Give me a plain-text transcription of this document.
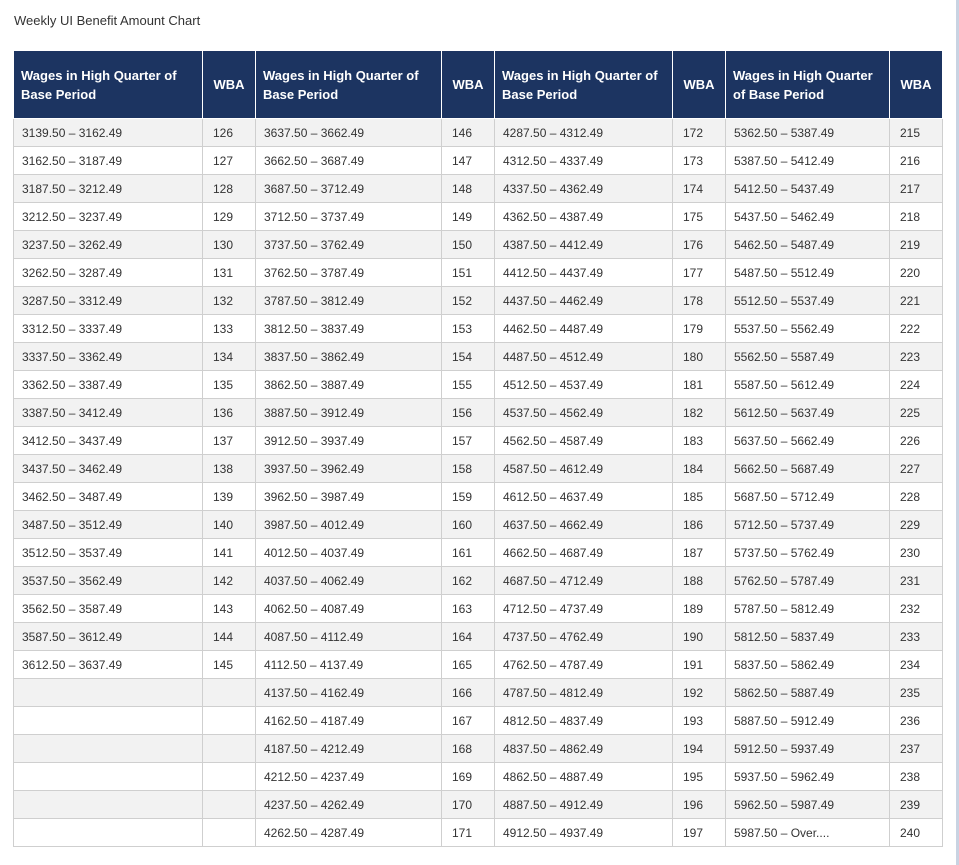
Weekly UI Benefit Amount Chart
Wages in High Quarter of Base Period	WBA	Wages in High Quarter of Base Period	WBA	Wages in High Quarter of Base Period	WBA	Wages in High Quarter of Base Period	WBA
3139.50 – 3162.49	126	3637.50 – 3662.49	146	4287.50 – 4312.49	172	5362.50 – 5387.49	215
3162.50 – 3187.49	127	3662.50 – 3687.49	147	4312.50 – 4337.49	173	5387.50 – 5412.49	216
3187.50 – 3212.49	128	3687.50 – 3712.49	148	4337.50 – 4362.49	174	5412.50 – 5437.49	217
3212.50 – 3237.49	129	3712.50 – 3737.49	149	4362.50 – 4387.49	175	5437.50 – 5462.49	218
3237.50 – 3262.49	130	3737.50 – 3762.49	150	4387.50 – 4412.49	176	5462.50 – 5487.49	219
3262.50 – 3287.49	131	3762.50 – 3787.49	151	4412.50 – 4437.49	177	5487.50 – 5512.49	220
3287.50 – 3312.49	132	3787.50 – 3812.49	152	4437.50 – 4462.49	178	5512.50 – 5537.49	221
3312.50 – 3337.49	133	3812.50 – 3837.49	153	4462.50 – 4487.49	179	5537.50 – 5562.49	222
3337.50 – 3362.49	134	3837.50 – 3862.49	154	4487.50 – 4512.49	180	5562.50 – 5587.49	223
3362.50 – 3387.49	135	3862.50 – 3887.49	155	4512.50 – 4537.49	181	5587.50 – 5612.49	224
3387.50 – 3412.49	136	3887.50 – 3912.49	156	4537.50 – 4562.49	182	5612.50 – 5637.49	225
3412.50 – 3437.49	137	3912.50 – 3937.49	157	4562.50 – 4587.49	183	5637.50 – 5662.49	226
3437.50 – 3462.49	138	3937.50 – 3962.49	158	4587.50 – 4612.49	184	5662.50 – 5687.49	227
3462.50 – 3487.49	139	3962.50 – 3987.49	159	4612.50 – 4637.49	185	5687.50 – 5712.49	228
3487.50 – 3512.49	140	3987.50 – 4012.49	160	4637.50 – 4662.49	186	5712.50 – 5737.49	229
3512.50 – 3537.49	141	4012.50 – 4037.49	161	4662.50 – 4687.49	187	5737.50 – 5762.49	230
3537.50 – 3562.49	142	4037.50 – 4062.49	162	4687.50 – 4712.49	188	5762.50 – 5787.49	231
3562.50 – 3587.49	143	4062.50 – 4087.49	163	4712.50 – 4737.49	189	5787.50 – 5812.49	232
3587.50 – 3612.49	144	4087.50 – 4112.49	164	4737.50 – 4762.49	190	5812.50 – 5837.49	233
3612.50 – 3637.49	145	4112.50 – 4137.49	165	4762.50 – 4787.49	191	5837.50 – 5862.49	234
		4137.50 – 4162.49	166	4787.50 – 4812.49	192	5862.50 – 5887.49	235
		4162.50 – 4187.49	167	4812.50 – 4837.49	193	5887.50 – 5912.49	236
		4187.50 – 4212.49	168	4837.50 – 4862.49	194	5912.50 – 5937.49	237
		4212.50 – 4237.49	169	4862.50 – 4887.49	195	5937.50 – 5962.49	238
		4237.50 – 4262.49	170	4887.50 – 4912.49	196	5962.50 – 5987.49	239
		4262.50 – 4287.49	171	4912.50 – 4937.49	197	5987.50 – Over....	240
